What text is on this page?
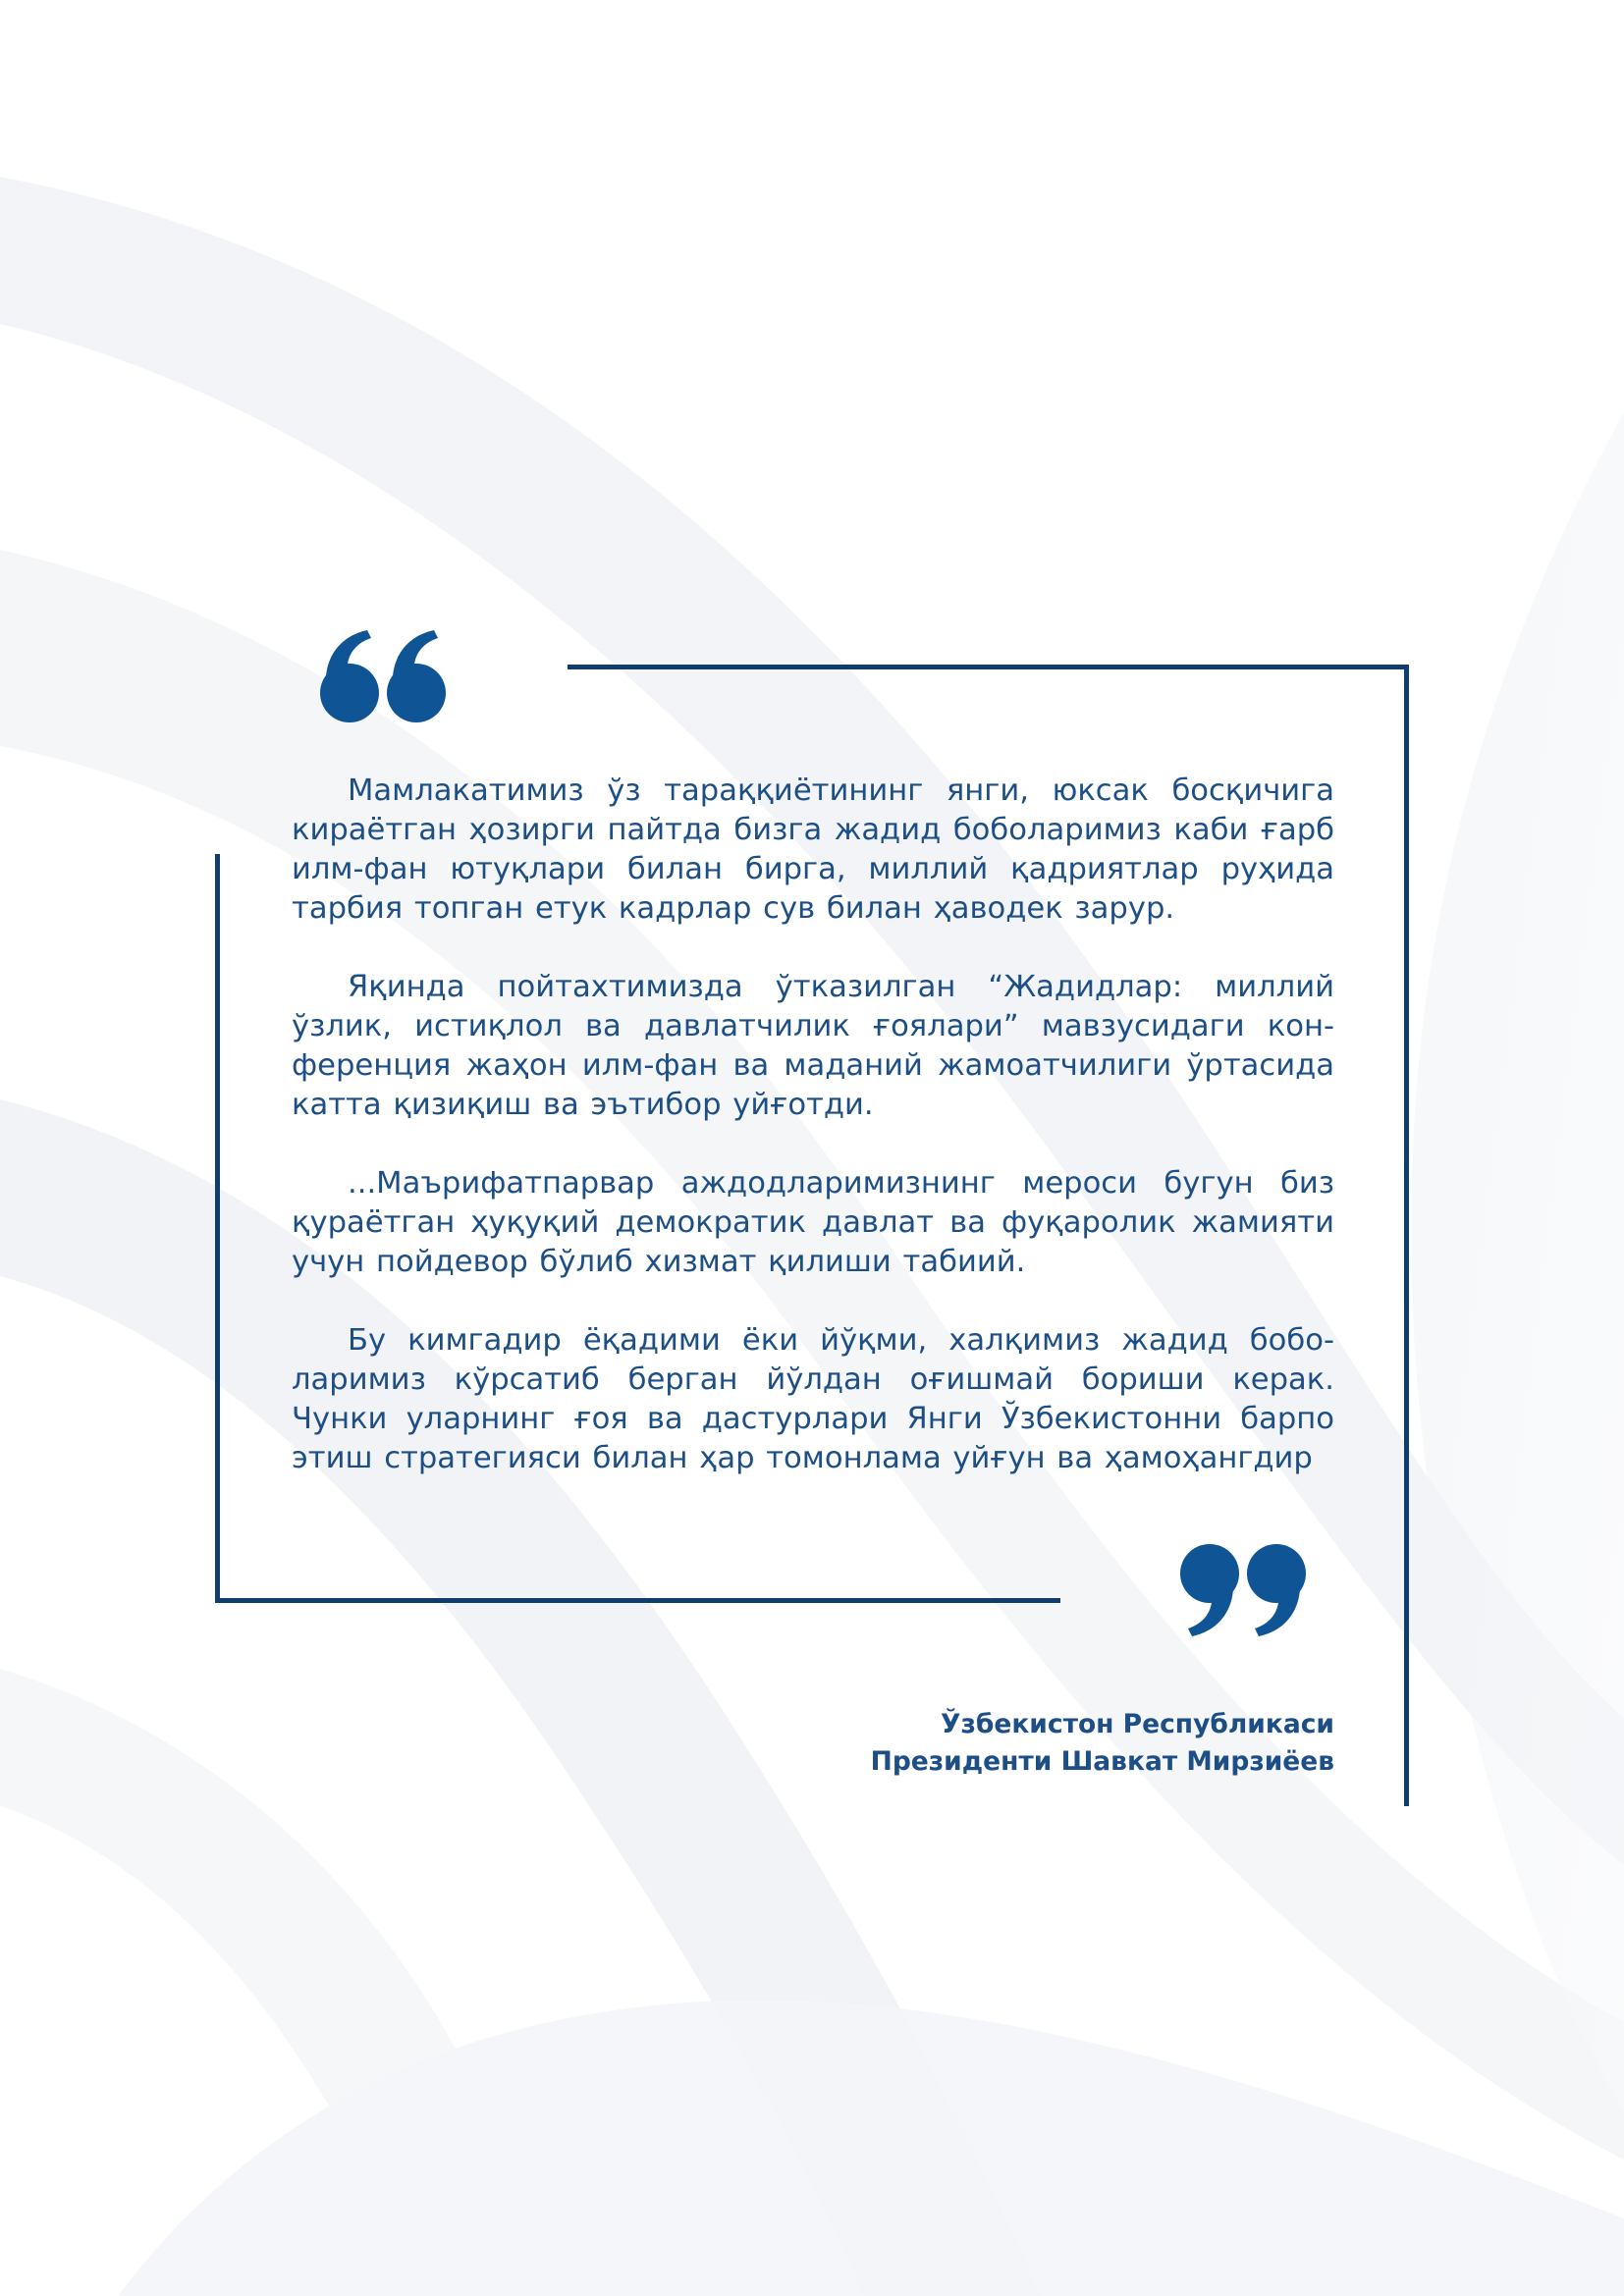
Мамлакатимиз ўз тараққиётининг янги, юксак босқичига кираётган ҳозирги пайтда бизга жадид боболаримиз каби ғарб илм-фан ютуқлари билан бирга, миллий қадриятлар руҳида тарбия топган етук кадрлар сув билан ҳаводек зарур.

Яқинда пойтахтимизда ўтказилган “Жадидлар: миллий ўзлик, истиқлол ва давлатчилик ғоялари” мавзусидаги конференция жаҳон илм-фан ва маданий жамоатчилиги ўртасида катта қизиқиш ва эътибор уйғотди.

...Маърифатпарвар аждодларимизнинг мероси бугун биз қураётган ҳуқуқий демократик давлат ва фуқаролик жамияти учун пойдевор бўлиб хизмат қилиши табиий.

Бу кимгадир ёқадими ёки йўқми, халқимиз жадид боболаримиз кўрсатиб берган йўлдан оғишмай бориши керак. Чунки уларнинг ғоя ва дастурлари Янги Ўзбекистонни барпо этиш стратегияси билан ҳар томонлама уйғун ва ҳамоҳангдир

Ўзбекистон Республикаси
Президенти Шавкат Мирзиёев
